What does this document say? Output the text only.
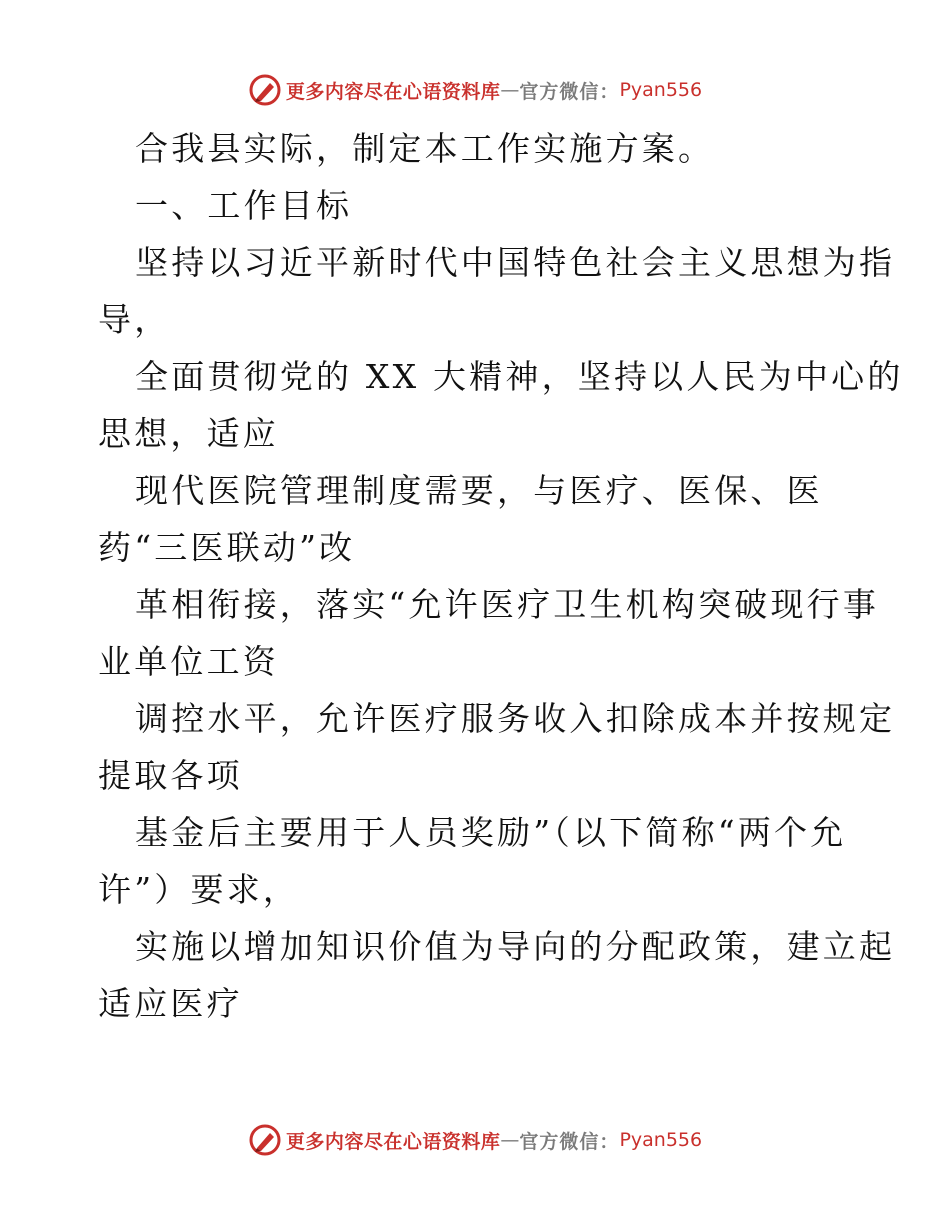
更多内容尽在心语资料库 — 官方微信： Pyan556

合我县实际，制定本工作实施方案。

一、工作目标

坚持以习近平新时代中国特色社会主义思想为指

导，

全面贯彻党的 XX 大精神，坚持以人民为中心的

思想，适应

现代医院管理制度需要，与医疗、医保、医

药“三医联动”改

革相衔接，落实“允许医疗卫生机构突破现行事

业单位工资

调控水平，允许医疗服务收入扣除成本并按规定

提取各项

基金后主要用于人员奖励”（以下简称“两个允

许”）要求，

实施以增加知识价值为导向的分配政策，建立起

适应医疗

更多内容尽在心语资料库 — 官方微信： Pyan556
